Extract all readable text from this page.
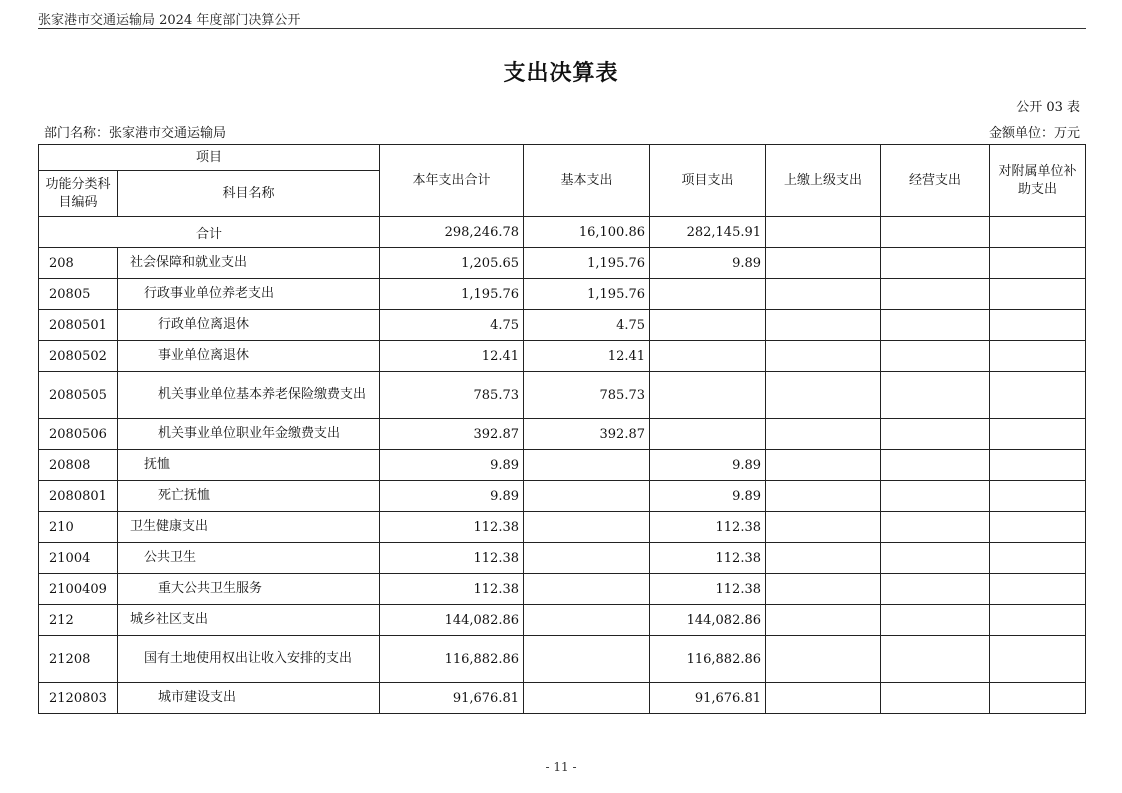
张家港市交通运输局 2024 年度部门决算公开
支出决算表
公开 03 表
部门名称：张家港市交通运输局	金额单位：万元
项目		本年支出合计	基本支出	项目支出	上缴上级支出	经营支出	对附属单位补助支出
功能分类科目编码	科目名称						
合计		298,246.78	16,100.86	282,145.91			
208	社会保障和就业支出	1,205.65	1,195.76	9.89			
20805	行政事业单位养老支出	1,195.76	1,195.76				
2080501	行政单位离退休	4.75	4.75				
2080502	事业单位离退休	12.41	12.41				
2080505	机关事业单位基本养老保险缴费支出	785.73	785.73				
2080506	机关事业单位职业年金缴费支出	392.87	392.87				
20808	抚恤	9.89		9.89			
2080801	死亡抚恤	9.89		9.89			
210	卫生健康支出	112.38		112.38			
21004	公共卫生	112.38		112.38			
2100409	重大公共卫生服务	112.38		112.38			
212	城乡社区支出	144,082.86		144,082.86			
21208	国有土地使用权出让收入安排的支出	116,882.86		116,882.86			
2120803	城市建设支出	91,676.81		91,676.81			
- 11 -
